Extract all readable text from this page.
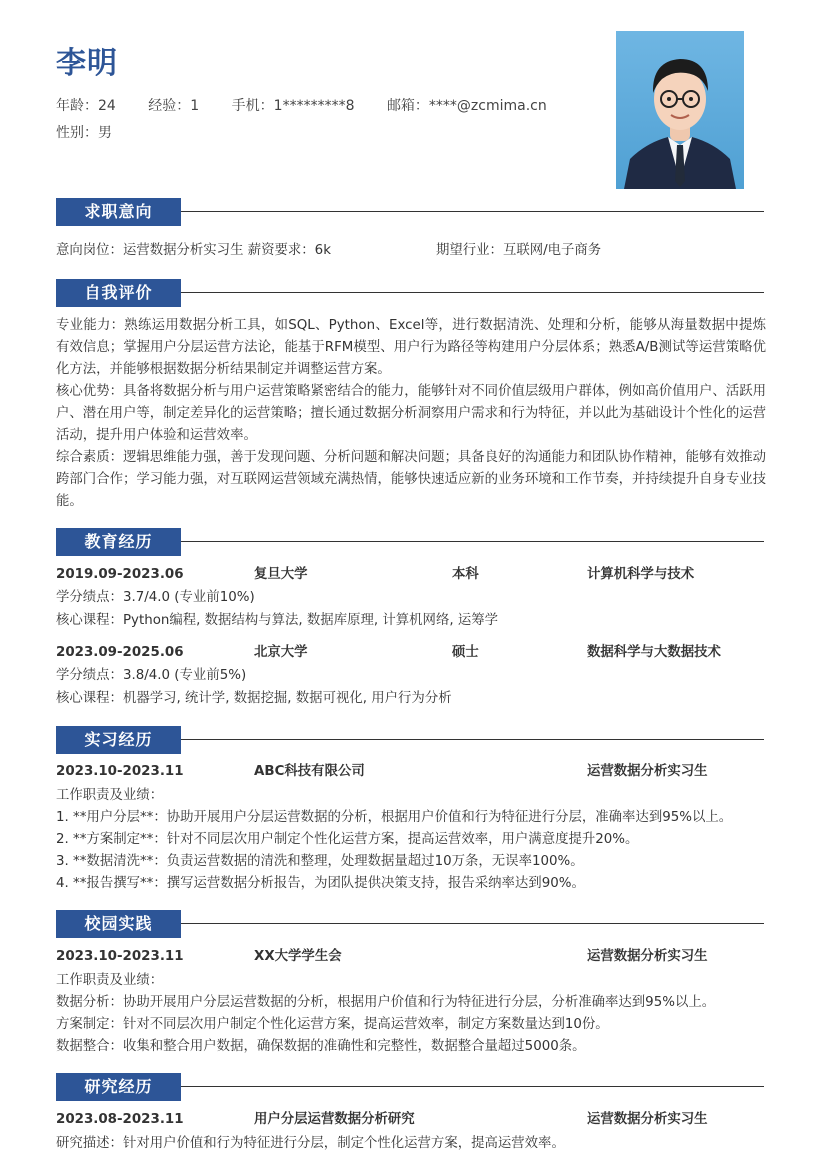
李明
年龄：24 经验：1 手机：1*********8 邮箱：****@zcmima.cn
性别：男
求职意向
意向岗位：运营数据分析实习生 薪资要求：6k	期望行业：互联网/电子商务
自我评价
专业能力：熟练运用数据分析工具，如SQL、Python、Excel等，进行数据清洗、处理和分析，能够从海量数据中提炼有效信息；掌握用户分层运营方法论，能基于RFM模型、用户行为路径等构建用户分层体系；熟悉A/B测试等运营策略优化方法，并能够根据数据分析结果制定并调整运营方案。
核心优势：具备将数据分析与用户运营策略紧密结合的能力，能够针对不同价值层级用户群体，例如高价值用户、活跃用户、潜在用户等，制定差异化的运营策略；擅长通过数据分析洞察用户需求和行为特征，并以此为基础设计个性化的运营活动，提升用户体验和运营效率。
综合素质：逻辑思维能力强，善于发现问题、分析问题和解决问题；具备良好的沟通能力和团队协作精神，能够有效推动跨部门合作；学习能力强，对互联网运营领域充满热情，能够快速适应新的业务环境和工作节奏，并持续提升自身专业技能。
教育经历
2019.09-2023.06	复旦大学	本科	计算机科学与技术
学分绩点：3.7/4.0 (专业前10%)
核心课程：Python编程, 数据结构与算法, 数据库原理, 计算机网络, 运筹学
2023.09-2025.06	北京大学	硕士	数据科学与大数据技术
学分绩点：3.8/4.0 (专业前5%)
核心课程：机器学习, 统计学, 数据挖掘, 数据可视化, 用户行为分析
实习经历
2023.10-2023.11	ABC科技有限公司	运营数据分析实习生
工作职责及业绩：
1. **用户分层**：协助开展用户分层运营数据的分析，根据用户价值和行为特征进行分层，准确率达到95%以上。
2. **方案制定**：针对不同层次用户制定个性化运营方案，提高运营效率，用户满意度提升20%。
3. **数据清洗**：负责运营数据的清洗和整理，处理数据量超过10万条，无误率100%。
4. **报告撰写**：撰写运营数据分析报告，为团队提供决策支持，报告采纳率达到90%。
校园实践
2023.10-2023.11	XX大学学生会	运营数据分析实习生
工作职责及业绩：
数据分析：协助开展用户分层运营数据的分析，根据用户价值和行为特征进行分层，分析准确率达到95%以上。
方案制定：针对不同层次用户制定个性化运营方案，提高运营效率，制定方案数量达到10份。
数据整合：收集和整合用户数据，确保数据的准确性和完整性，数据整合量超过5000条。
研究经历
2023.08-2023.11	用户分层运营数据分析研究	运营数据分析实习生
研究描述：针对用户价值和行为特征进行分层，制定个性化运营方案，提高运营效率。
